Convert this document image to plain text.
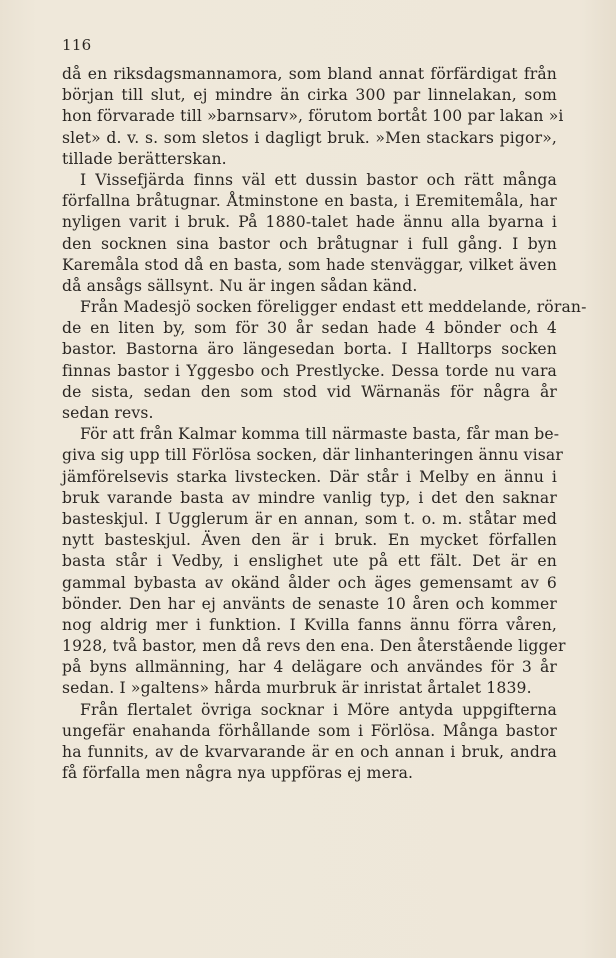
116
då en riksdagsmannamora, som bland annat förfärdigat från
början till slut, ej mindre än cirka 300 par linnelakan, som
hon förvarade till »barnsarv», förutom bortåt 100 par lakan »i
slet» d. v. s. som sletos i dagligt bruk. »Men stackars pigor»,
tillade berätterskan.
I Vissefjärda finns väl ett dussin bastor och rätt många
förfallna bråtugnar. Åtminstone en basta, i Eremitemåla, har
nyligen varit i bruk. På 1880-talet hade ännu alla byarna i
den socknen sina bastor och bråtugnar i full gång. I byn
Karemåla stod då en basta, som hade stenväggar, vilket även
då ansågs sällsynt. Nu är ingen sådan känd.
Från Madesjö socken föreligger endast ett meddelande, röran-
de en liten by, som för 30 år sedan hade 4 bönder och 4
bastor. Bastorna äro längesedan borta. I Halltorps socken
finnas bastor i Yggesbo och Prestlycke. Dessa torde nu vara
de sista, sedan den som stod vid Wärnanäs för några år
sedan revs.
För att från Kalmar komma till närmaste basta, får man be-
giva sig upp till Förlösa socken, där linhanteringen ännu visar
jämförelsevis starka livstecken. Där står i Melby en ännu i
bruk varande basta av mindre vanlig typ, i det den saknar
basteskjul. I Ugglerum är en annan, som t. o. m. ståtar med
nytt basteskjul. Även den är i bruk. En mycket förfallen
basta står i Vedby, i enslighet ute på ett fält. Det är en
gammal bybasta av okänd ålder och äges gemensamt av 6
bönder. Den har ej använts de senaste 10 åren och kommer
nog aldrig mer i funktion. I Kvilla fanns ännu förra våren,
1928, två bastor, men då revs den ena. Den återstående ligger
på byns allmänning, har 4 delägare och användes för 3 år
sedan. I »galtens» hårda murbruk är inristat årtalet 1839.
Från flertalet övriga socknar i Möre antyda uppgifterna
ungefär enahanda förhållande som i Förlösa. Många bastor
ha funnits, av de kvarvarande är en och annan i bruk, andra
få förfalla men några nya uppföras ej mera.
